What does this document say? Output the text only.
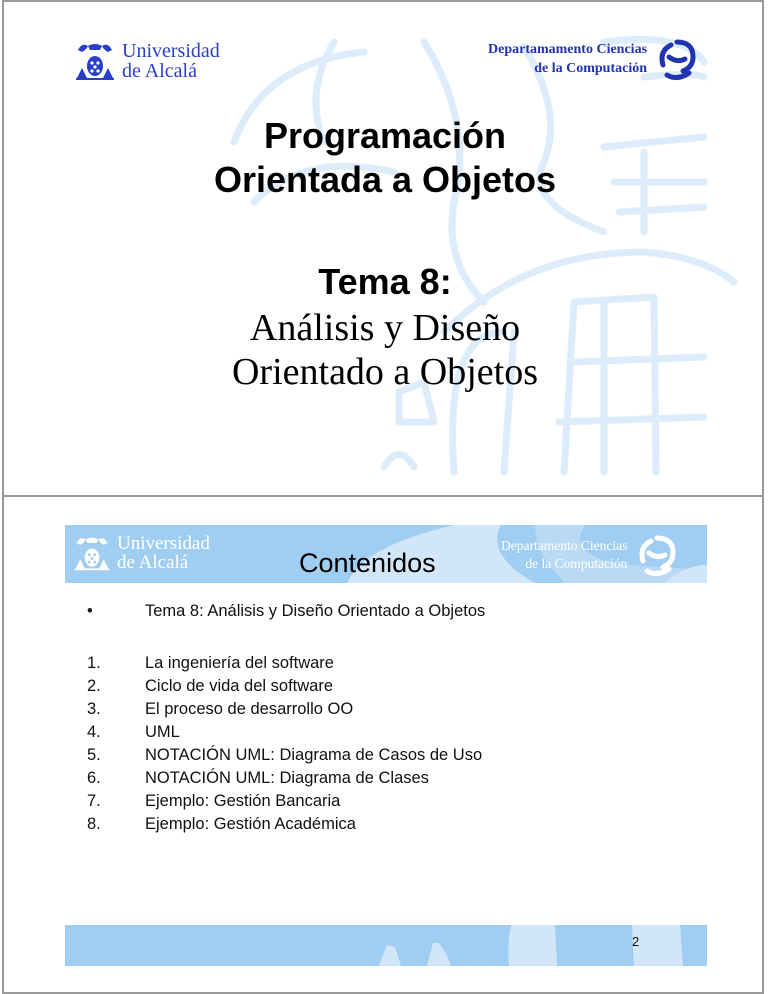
Universidad
de Alcalá
Departamamento Ciencias
de la Computación
Programación
Orientada a Objetos
Tema 8:
Análisis y Diseño
Orientado a Objetos
Universidad
de Alcalá	Contenidos
Departamento Ciencias
de la Computación
•	Tema 8: Análisis y Diseño Orientado a Objetos
1.	La ingeniería del software
2.	Ciclo de vida del software
3.	El proceso de desarrollo OO
4.	UML
5.	NOTACIÓN UML: Diagrama de Casos de Uso
6.	NOTACIÓN UML: Diagrama de Clases
7.	Ejemplo: Gestión Bancaria
8.	Ejemplo: Gestión Académica
2
